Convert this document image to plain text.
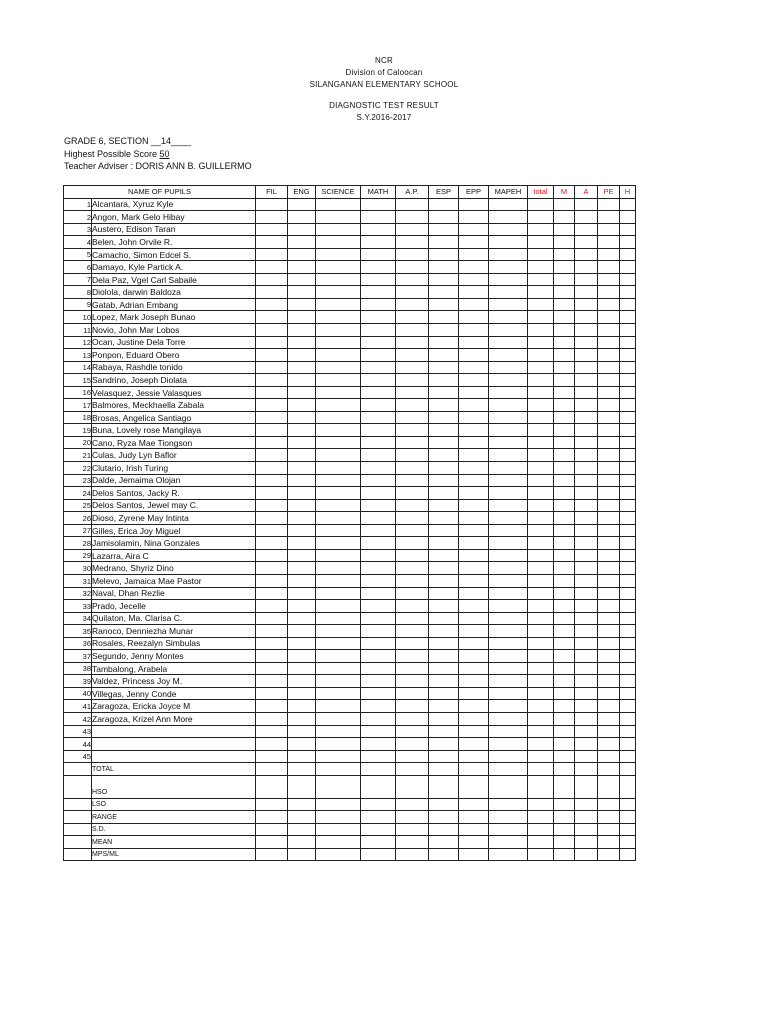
NCR
Division of Caloocan
SILANGANAN ELEMENTARY SCHOOL
DIAGNOSTIC TEST RESULT
S.Y.2016-2017
GRADE 6, SECTION __14____
Highest Possible Score 50
Teacher Adviser : DORIS ANN B. GUILLERMO
NAME OF PUPILS		FIL	ENG	SCIENCE	MATH	A.P.	ESP	EPP	MAPEH	total	M	A	PE	H
1	Alcantara, Xyruz Kyle													
2	Angon, Mark Gelo Hibay													
3	Austero, Edison Taran													
4	Belen, John Orvile R.													
5	Camacho, Simon Edcel S.													
6	Damayo, Kyle Partick A.													
7	Dela Paz, Vgel Carl Sabaile													
8	Diolola, darwin Baldoza													
9	Gatab, Adrian Embang													
10	Lopez, Mark Joseph Bunao													
11	Novio, John Mar Lobos													
12	Ocan, Justine Dela Torre													
13	Ponpon, Eduard Obero													
14	Rabaya, Rashdle tonido													
15	Sandrino, Joseph Diolata													
16	Velasquez, Jessie Valasques													
17	Balmores, Meckhaella Zabala													
18	Brosas, Angelica Santiago													
19	Buna, Lovely rose Mangilaya													
20	Cano, Ryza Mae Tiongson													
21	Culas, Judy Lyn Baflor													
22	Clutario, Irish Turing													
23	Dalde, Jemaima Olojan													
24	Delos Santos, Jacky R.													
25	Delos Santos, Jewel may C.													
26	Dioso, Zyrene May Intinta													
27	Gilles, Erica Joy Miguel													
28	Jamisolamin, Nina Gonzales													
29	Lazarra, Aira C													
30	Medrano, Shyriz Dino													
31	Melevo, Jamaica Mae Pastor													
32	Naval, Dhan Rezlie													
33	Prado, Jecelle													
34	Quilaton, Ma. Clarisa C.													
35	Ranoco, Denniezha Munar													
36	Rosales, Reezalyn Simbulas													
37	Segundo, Jenny Montes													
38	Tambalong, Arabela													
39	Valdez, Princess Joy M.													
40	Villegas, Jenny Conde													
41	Zaragoza, Ericka Joyce M													
42	Zaragoza, Krizel Ann More													
43														
44														
45														
	TOTAL													
	HSO													
	LSO													
	RANGE													
	S.D.													
	MEAN													
	MPS/ML													
